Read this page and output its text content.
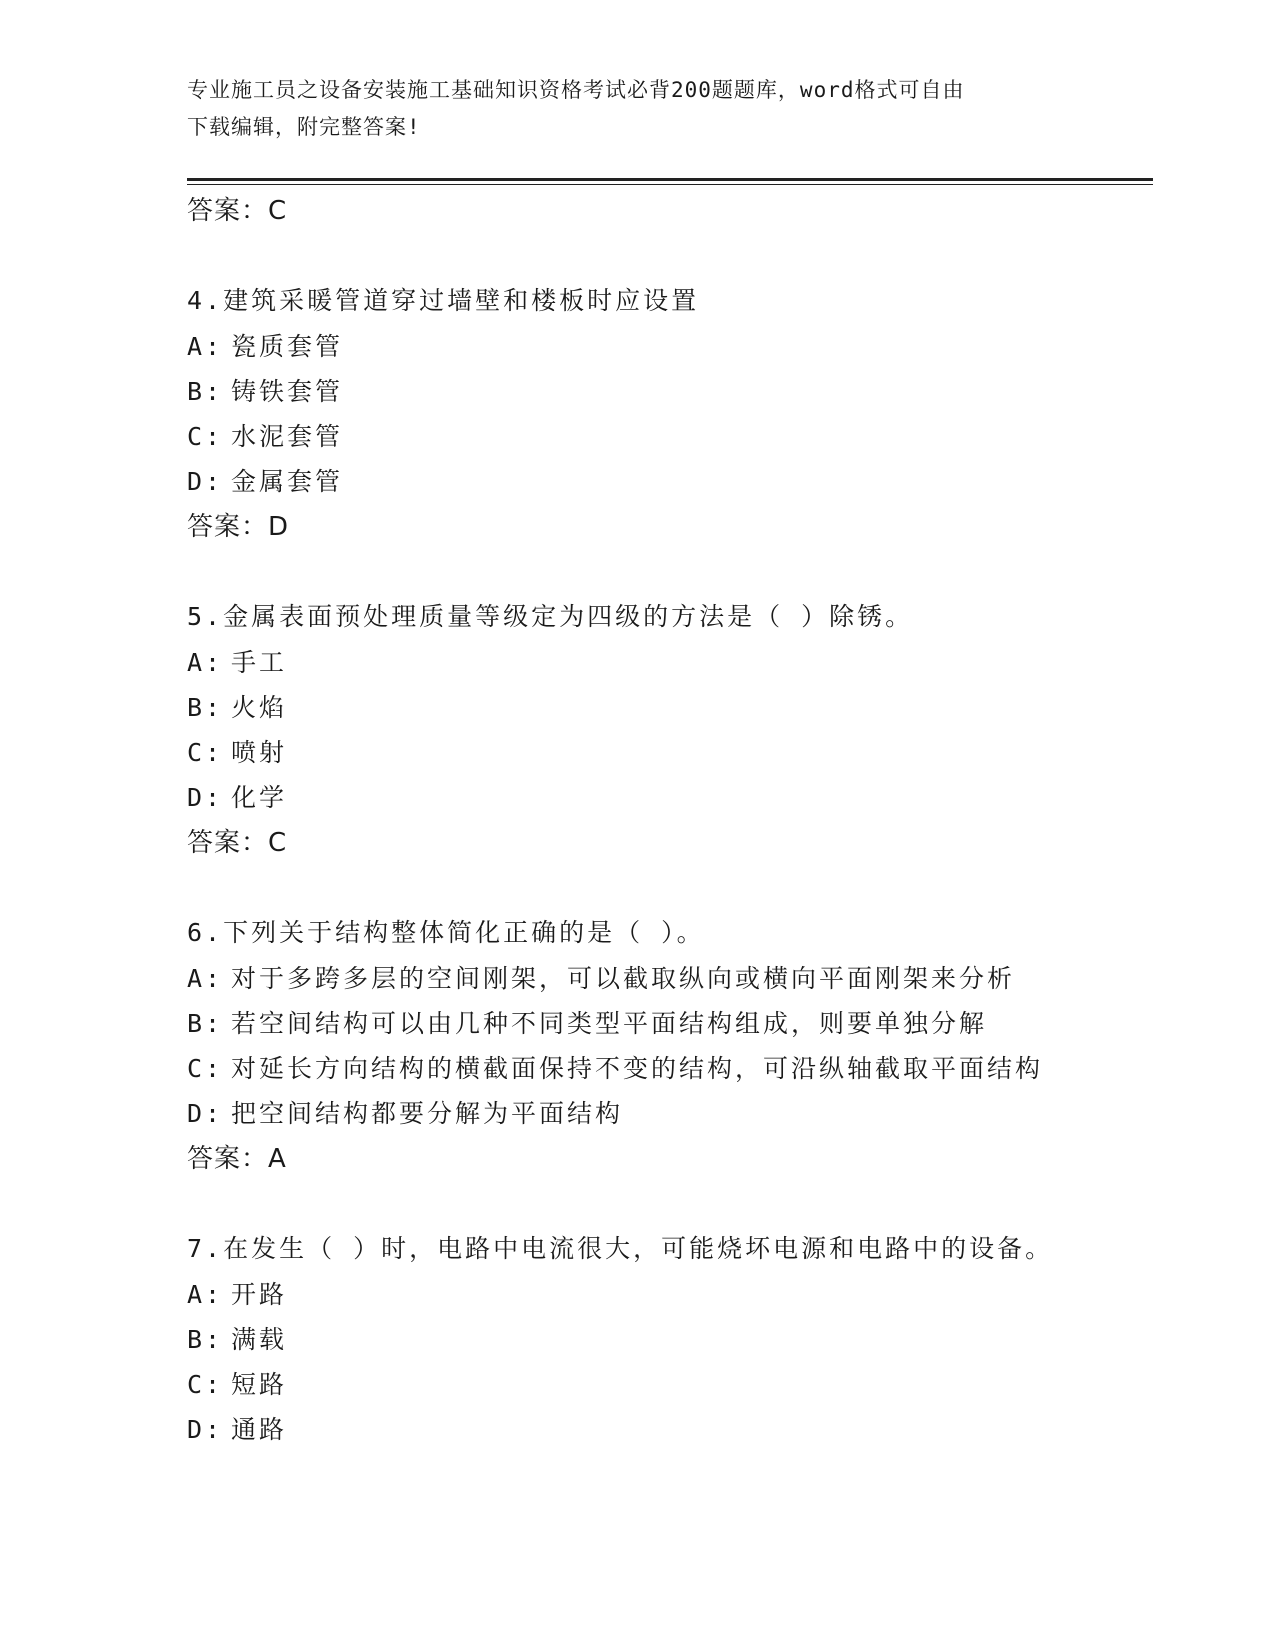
专业施工员之设备安装施工基础知识资格考试必背200题题库，word格式可自由
下载编辑，附完整答案!
答案：C
4.建筑采暖管道穿过墙壁和楼板时应设置
A: 瓷质套管
B: 铸铁套管
C: 水泥套管
D: 金属套管
答案：D
5.金属表面预处理质量等级定为四级的方法是（ ）除锈。
A: 手工
B: 火焰
C: 喷射
D: 化学
答案：C
6.下列关于结构整体简化正确的是（ ）。
A: 对于多跨多层的空间刚架，可以截取纵向或横向平面刚架来分析
B: 若空间结构可以由几种不同类型平面结构组成，则要单独分解
C: 对延长方向结构的横截面保持不变的结构，可沿纵轴截取平面结构
D: 把空间结构都要分解为平面结构
答案：A
7.在发生（ ）时，电路中电流很大，可能烧坏电源和电路中的设备。
A: 开路
B: 满载
C: 短路
D: 通路
